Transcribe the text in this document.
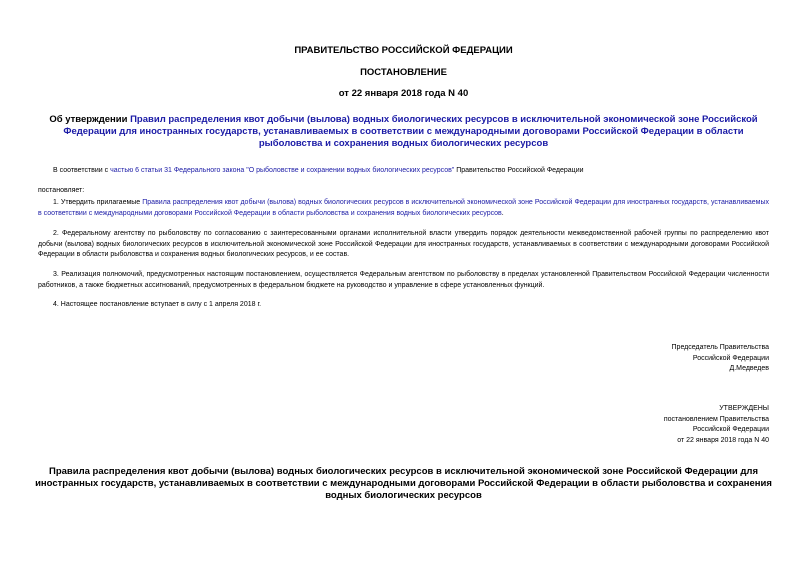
ПРАВИТЕЛЬСТВО РОССИЙСКОЙ ФЕДЕРАЦИИ
ПОСТАНОВЛЕНИЕ
от 22 января 2018 года N 40
Об утверждении Правил распределения квот добычи (вылова) водных биологических ресурсов в исключительной экономической зоне Российской Федерации для иностранных государств, устанавливаемых в соответствии с международными договорами Российской Федерации в области рыболовства и сохранения водных биологических ресурсов
В соответствии с частью 6 статьи 31 Федерального закона "О рыболовстве и сохранении водных биологических ресурсов" Правительство Российской Федерации
постановляет:
1. Утвердить прилагаемые Правила распределения квот добычи (вылова) водных биологических ресурсов в исключительной экономической зоне Российской Федерации для иностранных государств, устанавливаемых в соответствии с международными договорами Российской Федерации в области рыболовства и сохранения водных биологических ресурсов.
2. Федеральному агентству по рыболовству по согласованию с заинтересованными органами исполнительной власти утвердить порядок деятельности межведомственной рабочей группы по распределению квот добычи (вылова) водных биологических ресурсов в исключительной экономической зоне Российской Федерации для иностранных государств, устанавливаемых в соответствии с международными договорами Российской Федерации в области рыболовства и сохранения водных биологических ресурсов, и ее состав.
3. Реализация полномочий, предусмотренных настоящим постановлением, осуществляется Федеральным агентством по рыболовству в пределах установленной Правительством Российской Федерации численности работников, а также бюджетных ассигнований, предусмотренных в федеральном бюджете на руководство и управление в сфере установленных функций.
4. Настоящее постановление вступает в силу с 1 апреля 2018 г.
Председатель Правительства
Российской Федерации
Д.Медведев
УТВЕРЖДЕНЫ
постановлением Правительства
Российской Федерации
от 22 января 2018 года N 40
Правила распределения квот добычи (вылова) водных биологических ресурсов в исключительной экономической зоне Российской Федерации для иностранных государств, устанавливаемых в соответствии с международными договорами Российской Федерации в области рыболовства и сохранения водных биологических ресурсов
